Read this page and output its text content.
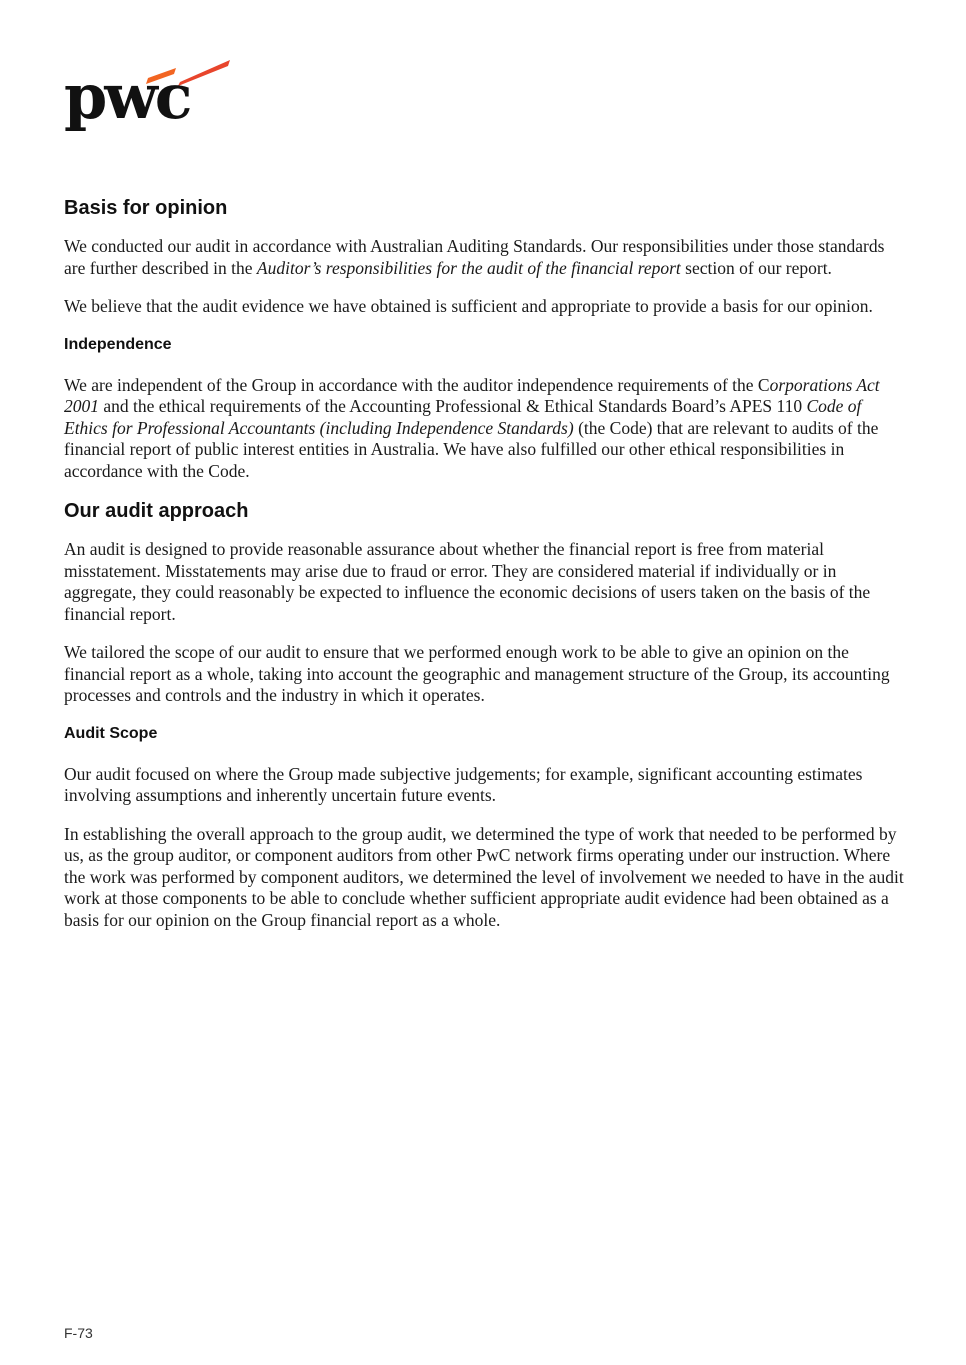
pwc
Basis for opinion

We conducted our audit in accordance with Australian Auditing Standards. Our responsibilities under those standards are further described in the Auditor’s responsibilities for the audit of the financial report section of our report.

We believe that the audit evidence we have obtained is sufficient and appropriate to provide a basis for our opinion.

Independence

We are independent of the Group in accordance with the auditor independence requirements of the Corporations Act 2001 and the ethical requirements of the Accounting Professional & Ethical Standards Board’s APES 110 Code of Ethics for Professional Accountants (including Independence Standards) (the Code) that are relevant to audits of the financial report of public interest entities in Australia. We have also fulfilled our other ethical responsibilities in accordance with the Code.

Our audit approach

An audit is designed to provide reasonable assurance about whether the financial report is free from material misstatement. Misstatements may arise due to fraud or error. They are considered material if individually or in aggregate, they could reasonably be expected to influence the economic decisions of users taken on the basis of the financial report.

We tailored the scope of our audit to ensure that we performed enough work to be able to give an opinion on the financial report as a whole, taking into account the geographic and management structure of the Group, its accounting processes and controls and the industry in which it operates.

Audit Scope

Our audit focused on where the Group made subjective judgements; for example, significant accounting estimates involving assumptions and inherently uncertain future events.

In establishing the overall approach to the group audit, we determined the type of work that needed to be performed by us, as the group auditor, or component auditors from other PwC network firms operating under our instruction. Where the work was performed by component auditors, we determined the level of involvement we needed to have in the audit work at those components to be able to conclude whether sufficient appropriate audit evidence had been obtained as a basis for our opinion on the Group financial report as a whole.

F-73
